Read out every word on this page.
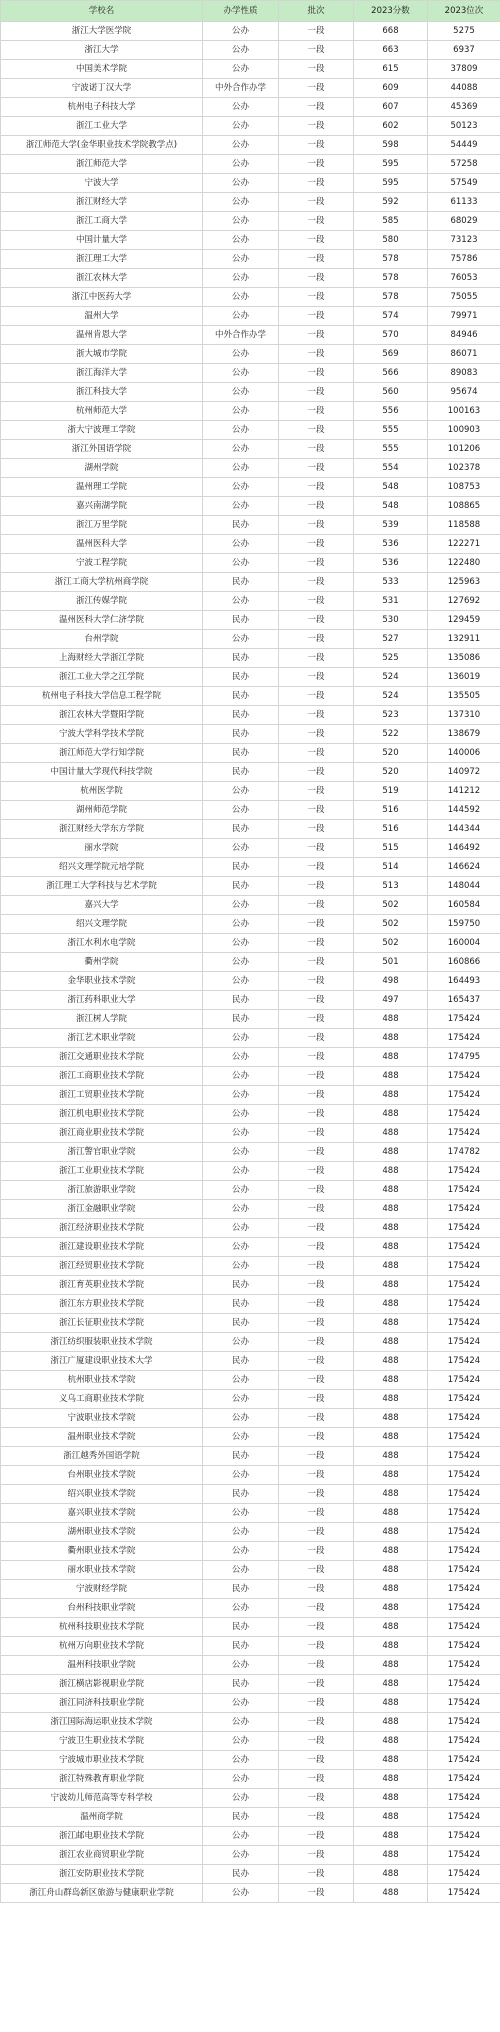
学校名	办学性质	批次	2023分数	2023位次
浙江大学医学院	公办	一段	668	5275
浙江大学	公办	一段	663	6937
中国美术学院	公办	一段	615	37809
宁波诺丁汉大学	中外合作办学	一段	609	44088
杭州电子科技大学	公办	一段	607	45369
浙江工业大学	公办	一段	602	50123
浙江师范大学(金华职业技术学院教学点)	公办	一段	598	54449
浙江师范大学	公办	一段	595	57258
宁波大学	公办	一段	595	57549
浙江财经大学	公办	一段	592	61133
浙江工商大学	公办	一段	585	68029
中国计量大学	公办	一段	580	73123
浙江理工大学	公办	一段	578	75786
浙江农林大学	公办	一段	578	76053
浙江中医药大学	公办	一段	578	75055
温州大学	公办	一段	574	79971
温州肯恩大学	中外合作办学	一段	570	84946
浙大城市学院	公办	一段	569	86071
浙江海洋大学	公办	一段	566	89083
浙江科技大学	公办	一段	560	95674
杭州师范大学	公办	一段	556	100163
浙大宁波理工学院	公办	一段	555	100903
浙江外国语学院	公办	一段	555	101206
湖州学院	公办	一段	554	102378
温州理工学院	公办	一段	548	108753
嘉兴南湖学院	公办	一段	548	108865
浙江万里学院	民办	一段	539	118588
温州医科大学	公办	一段	536	122271
宁波工程学院	公办	一段	536	122480
浙江工商大学杭州商学院	民办	一段	533	125963
浙江传媒学院	公办	一段	531	127692
温州医科大学仁济学院	民办	一段	530	129459
台州学院	公办	一段	527	132911
上海财经大学浙江学院	民办	一段	525	135086
浙江工业大学之江学院	民办	一段	524	136019
杭州电子科技大学信息工程学院	民办	一段	524	135505
浙江农林大学暨阳学院	民办	一段	523	137310
宁波大学科学技术学院	民办	一段	522	138679
浙江师范大学行知学院	民办	一段	520	140006
中国计量大学现代科技学院	民办	一段	520	140972
杭州医学院	公办	一段	519	141212
湖州师范学院	公办	一段	516	144592
浙江财经大学东方学院	民办	一段	516	144344
丽水学院	公办	一段	515	146492
绍兴文理学院元培学院	民办	一段	514	146624
浙江理工大学科技与艺术学院	民办	一段	513	148044
嘉兴大学	公办	一段	502	160584
绍兴文理学院	公办	一段	502	159750
浙江水利水电学院	公办	一段	502	160004
衢州学院	公办	一段	501	160866
金华职业技术学院	公办	一段	498	164493
浙江药科职业大学	民办	一段	497	165437
浙江树人学院	民办	一段	488	175424
浙江艺术职业学院	公办	一段	488	175424
浙江交通职业技术学院	公办	一段	488	174795
浙江工商职业技术学院	公办	一段	488	175424
浙江工贸职业技术学院	公办	一段	488	175424
浙江机电职业技术学院	公办	一段	488	175424
浙江商业职业技术学院	公办	一段	488	175424
浙江警官职业学院	公办	一段	488	174782
浙江工业职业技术学院	公办	一段	488	175424
浙江旅游职业学院	公办	一段	488	175424
浙江金融职业学院	公办	一段	488	175424
浙江经济职业技术学院	公办	一段	488	175424
浙江建设职业技术学院	公办	一段	488	175424
浙江经贸职业技术学院	公办	一段	488	175424
浙江育英职业技术学院	民办	一段	488	175424
浙江东方职业技术学院	民办	一段	488	175424
浙江长征职业技术学院	民办	一段	488	175424
浙江纺织服装职业技术学院	公办	一段	488	175424
浙江广厦建设职业技术大学	民办	一段	488	175424
杭州职业技术学院	公办	一段	488	175424
义乌工商职业技术学院	公办	一段	488	175424
宁波职业技术学院	公办	一段	488	175424
温州职业技术学院	公办	一段	488	175424
浙江越秀外国语学院	民办	一段	488	175424
台州职业技术学院	公办	一段	488	175424
绍兴职业技术学院	民办	一段	488	175424
嘉兴职业技术学院	公办	一段	488	175424
湖州职业技术学院	公办	一段	488	175424
衢州职业技术学院	公办	一段	488	175424
丽水职业技术学院	公办	一段	488	175424
宁波财经学院	民办	一段	488	175424
台州科技职业学院	公办	一段	488	175424
杭州科技职业技术学院	民办	一段	488	175424
杭州万向职业技术学院	民办	一段	488	175424
温州科技职业学院	公办	一段	488	175424
浙江横店影视职业学院	民办	一段	488	175424
浙江同济科技职业学院	公办	一段	488	175424
浙江国际海运职业技术学院	公办	一段	488	175424
宁波卫生职业技术学院	公办	一段	488	175424
宁波城市职业技术学院	公办	一段	488	175424
浙江特殊教育职业学院	公办	一段	488	175424
宁波幼儿师范高等专科学校	公办	一段	488	175424
温州商学院	民办	一段	488	175424
浙江邮电职业技术学院	公办	一段	488	175424
浙江农业商贸职业学院	公办	一段	488	175424
浙江安防职业技术学院	民办	一段	488	175424
浙江舟山群岛新区旅游与健康职业学院	公办	一段	488	175424
